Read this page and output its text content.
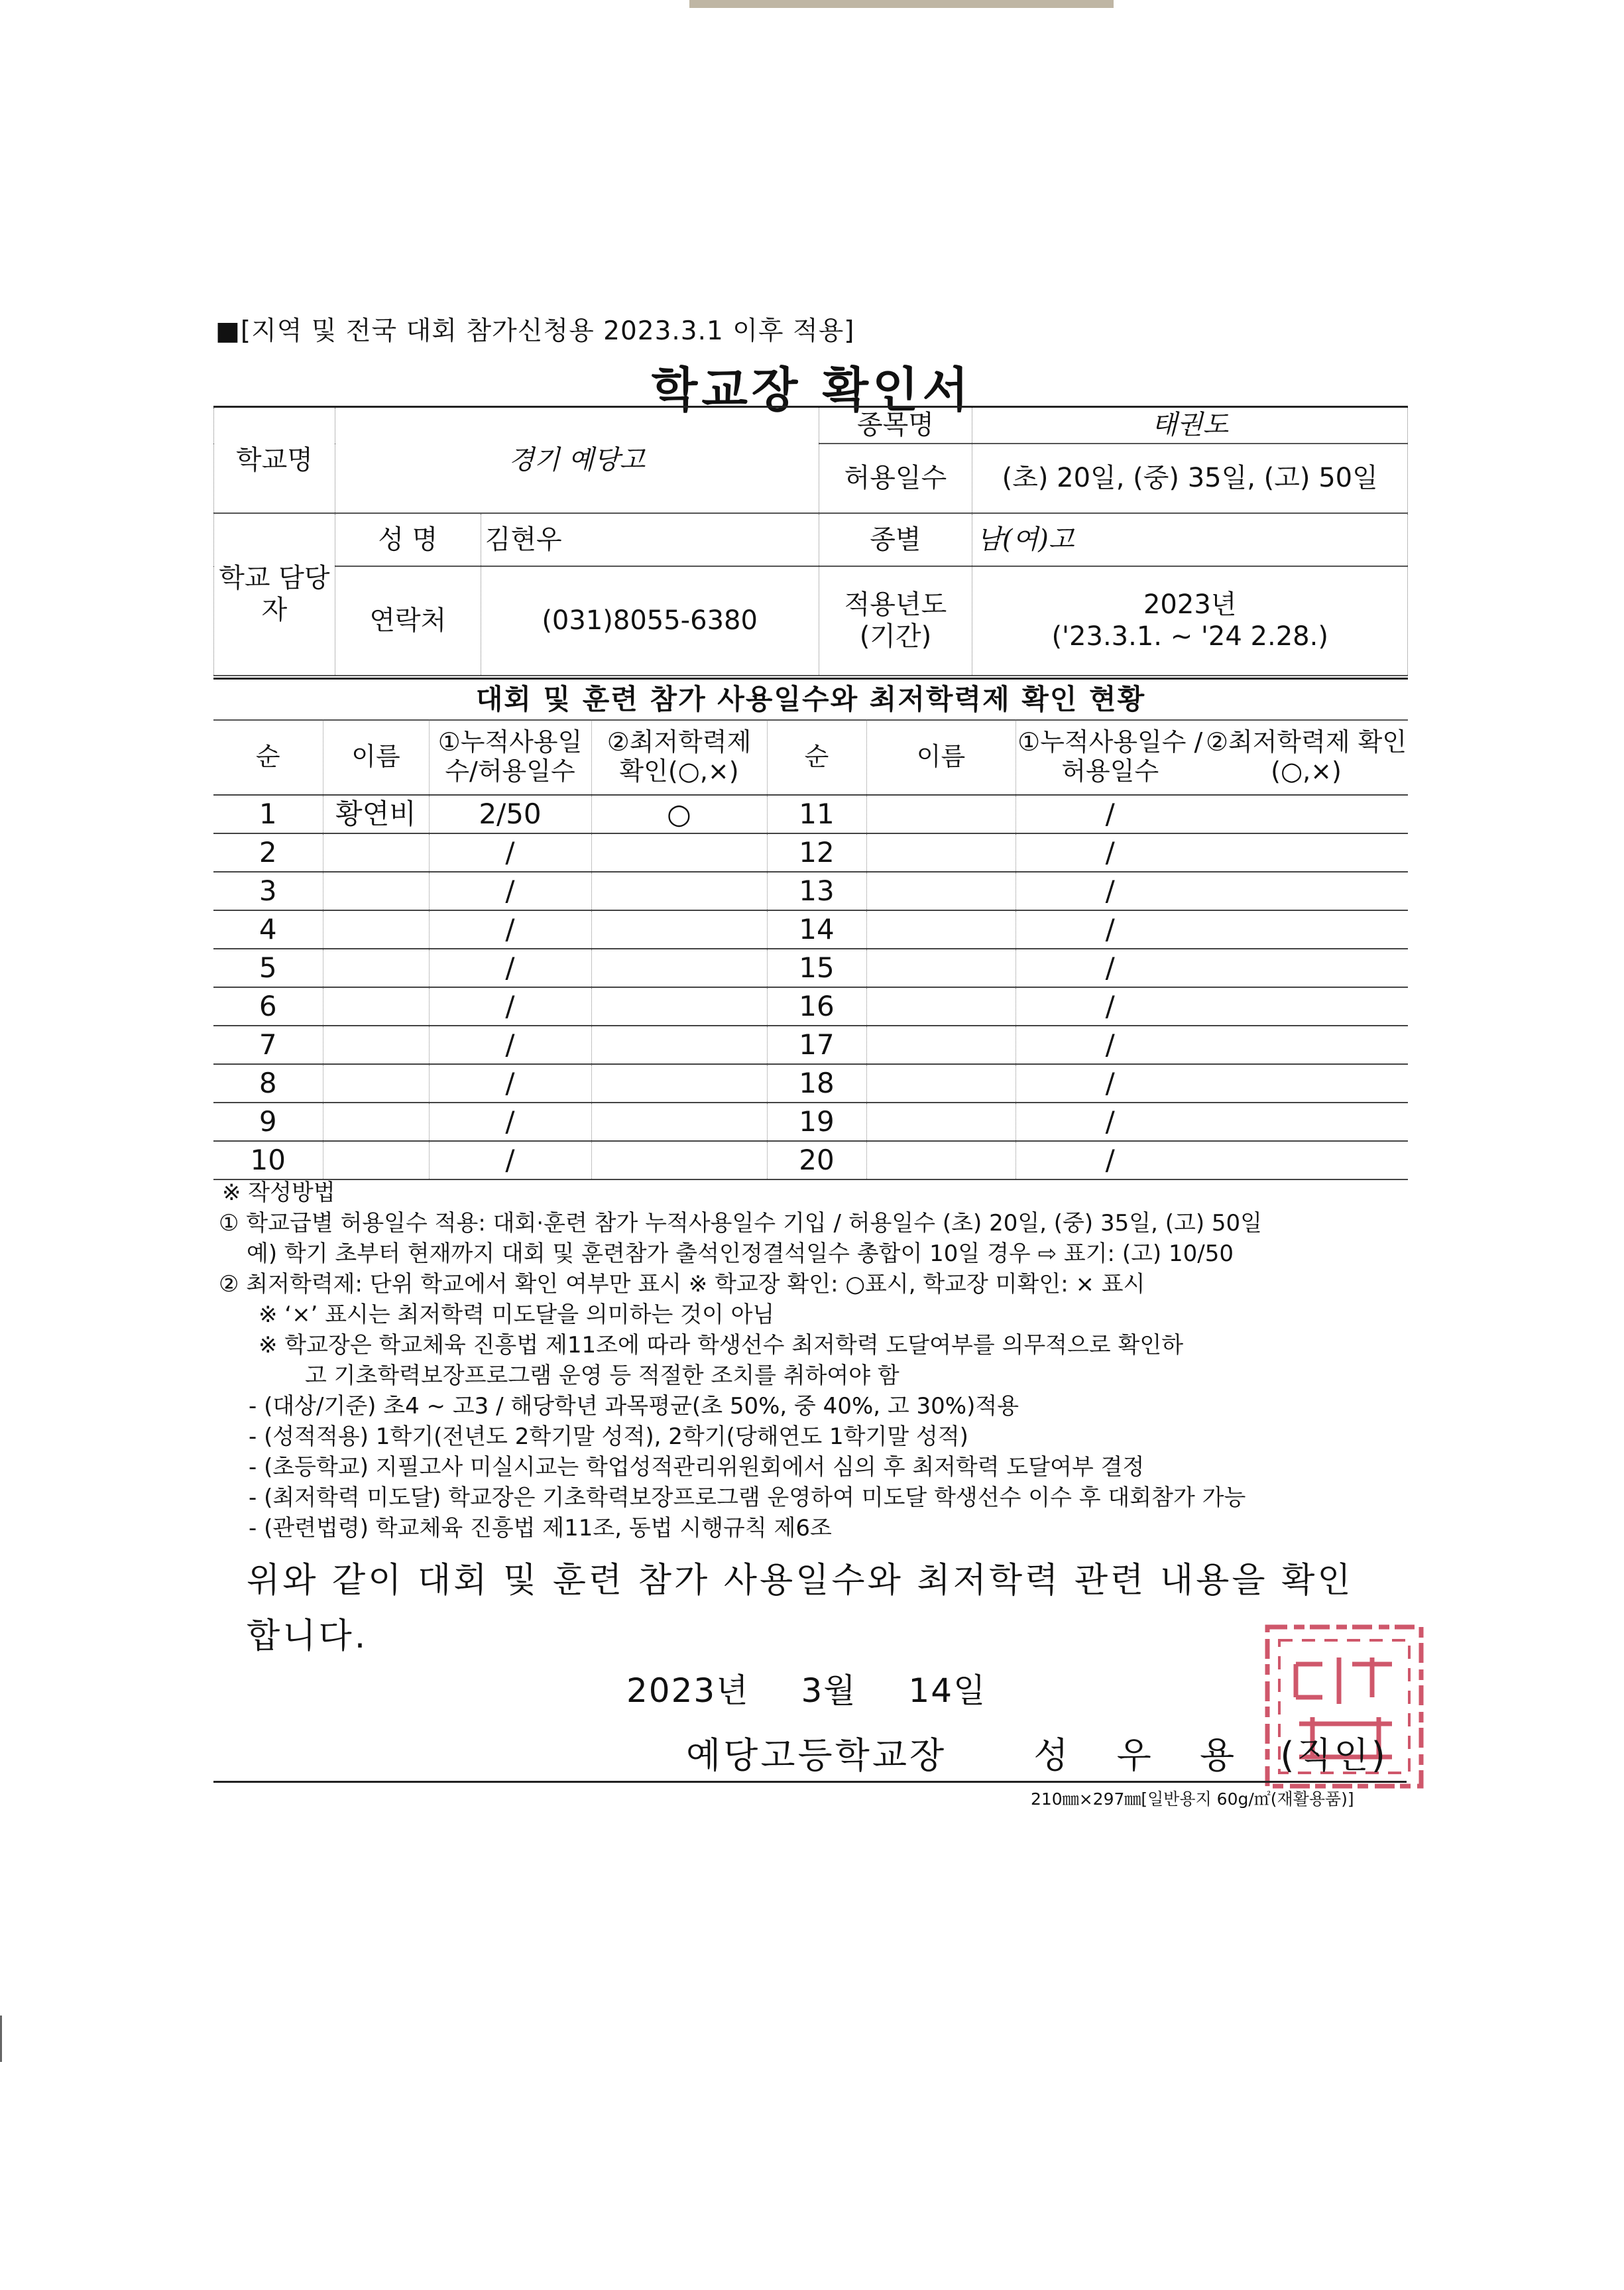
■[지역 및 전국 대회 참가신청용 2023.3.1 이후 적용]
학교장 확인서
학교명	경기 예당고		종목명	태권도
			허용일수	(초) 20일, (중) 35일, (고) 50일
학교 담당자	성 명	김현우	종별	남(여)고
	연락처	(031)8055-6380	적용년도 (기간)	2023년
('23.3.1. ~ '24 2.28.)
대회 및 훈련 참가 사용일수와 최저학력제 확인 현황
순	이름	①누적사용일수/허용일수	②최저학력제 확인(○,×)	순	이름	①누적사용일수 /허용일수	②최저학력제 확인(○,×)
1	황연비	2/50	○	11		/	
2		/		12		/	
3		/		13		/	
4		/		14		/	
5		/		15		/	
6		/		16		/	
7		/		17		/	
8		/		18		/	
9		/		19		/	
10		/		20		/	
※ 작성방법
① 학교급별 허용일수 적용: 대회·훈련 참가 누적사용일수 기입 / 허용일수 (초) 20일, (중) 35일, (고) 50일
예) 학기 초부터 현재까지 대회 및 훈련참가 출석인정결석일수 총합이 10일 경우 ⇨ 표기: (고) 10/50
② 최저학력제: 단위 학교에서 확인 여부만 표시 ※ 학교장 확인: ○표시, 학교장 미확인: × 표시
※ ‘×’ 표시는 최저학력 미도달을 의미하는 것이 아님
※ 학교장은 학교체육 진흥법 제11조에 따라 학생선수 최저학력 도달여부를 의무적으로 확인하
고 기초학력보장프로그램 운영 등 적절한 조치를 취하여야 함
- (대상/기준) 초4 ~ 고3 / 해당학년 과목평균(초 50%, 중 40%, 고 30%)적용
- (성적적용) 1학기(전년도 2학기말 성적), 2학기(당해연도 1학기말 성적)
- (초등학교) 지필고사 미실시교는 학업성적관리위원회에서 심의 후 최저학력 도달여부 결정
- (최저학력 미도달) 학교장은 기초학력보장프로그램 운영하여 미도달 학생선수 이수 후 대회참가 가능
- (관련법령) 학교체육 진흥법 제11조, 동법 시행규칙 제6조
위와 같이 대회 및 훈련 참가 사용일수와 최저학력 관련 내용을 확인
합니다.
2023년 3월 14일
예당고등학교장 성 우 용 (직인)
210㎜×297㎜[일반용지 60g/㎡(재활용품)]
